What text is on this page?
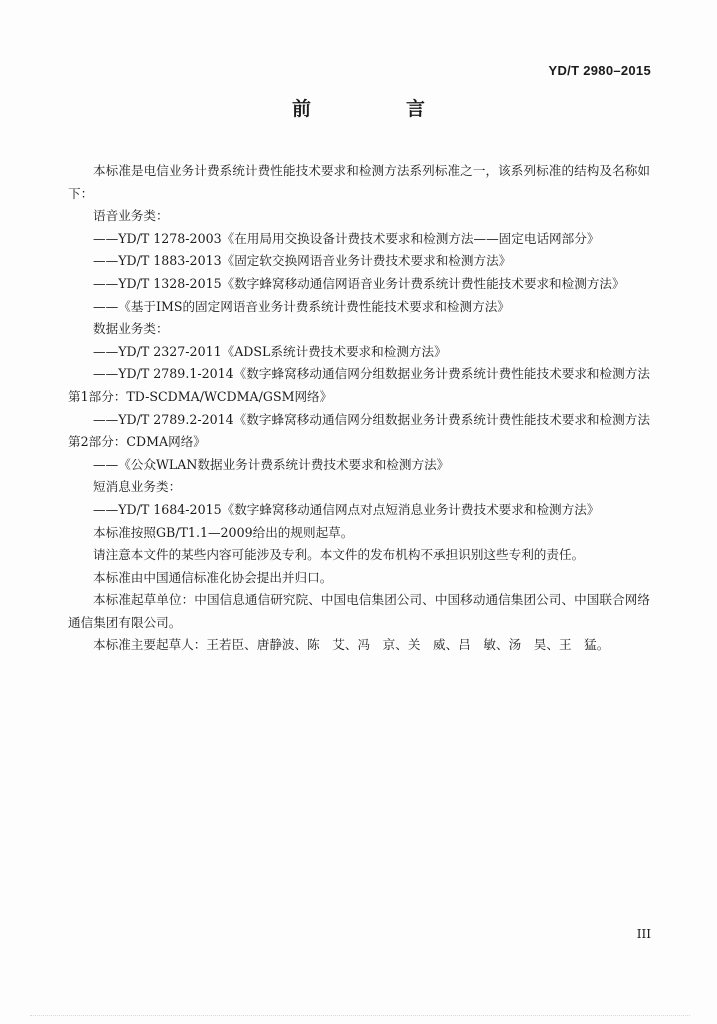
YD/T 2980–2015
前　言

本标准是电信业务计费系统计费性能技术要求和检测方法系列标准之一，该系列标准的结构及名称如下：

语音业务类：

——YD/T 1278-2003《在用局用交换设备计费技术要求和检测方法——固定电话网部分》

——YD/T 1883-2013《固定软交换网语音业务计费技术要求和检测方法》

——YD/T 1328-2015《数字蜂窝移动通信网语音业务计费系统计费性能技术要求和检测方法》

——《基于IMS的固定网语音业务计费系统计费性能技术要求和检测方法》

数据业务类：

——YD/T 2327-2011《ADSL系统计费技术要求和检测方法》

——YD/T 2789.1-2014《数字蜂窝移动通信网分组数据业务计费系统计费性能技术要求和检测方法 第1部分：TD-SCDMA/WCDMA/GSM网络》

——YD/T 2789.2-2014《数字蜂窝移动通信网分组数据业务计费系统计费性能技术要求和检测方法 第2部分：CDMA网络》

——《公众WLAN数据业务计费系统计费技术要求和检测方法》

短消息业务类：

——YD/T 1684-2015《数字蜂窝移动通信网点对点短消息业务计费技术要求和检测方法》

本标准按照GB/T1.1—2009给出的规则起草。

请注意本文件的某些内容可能涉及专利。本文件的发布机构不承担识别这些专利的责任。

本标准由中国通信标准化协会提出并归口。

本标准起草单位：中国信息通信研究院、中国电信集团公司、中国移动通信集团公司、中国联合网络通信集团有限公司。

本标准主要起草人：王若臣、唐静波、陈　艾、冯　京、关　威、吕　敏、汤　昊、王　猛。

III
